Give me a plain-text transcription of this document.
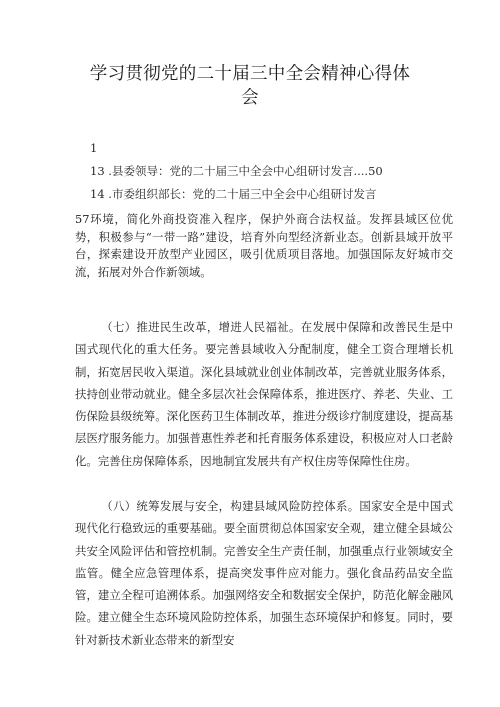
学习贯彻党的二十届三中全会精神心得体
会
1
13 .县委领导：党的二十届三中全会中心组研讨发言....50
14 .市委组织部长：党的二十届三中全会中心组研讨发言

57环境，简化外商投资准入程序，保护外商合法权益。发挥县域区位优势，积极参与“一带一路”建设，培育外向型经济新业态。创新县域开放平台，探索建设开放型产业园区，吸引优质项目落地。加强国际友好城市交流，拓展对外合作新领域。

（七）推进民生改革，增进人民福祉。在发展中保障和改善民生是中国式现代化的重大任务。要完善县域收入分配制度，健全工资合理增长机制，拓宽居民收入渠道。深化县域就业创业体制改革，完善就业服务体系，扶持创业带动就业。健全多层次社会保障体系，推进医疗、养老、失业、工伤保险县级统筹。深化医药卫生体制改革，推进分级诊疗制度建设，提高基层医疗服务能力。加强普惠性养老和托育服务体系建设，积极应对人口老龄化。完善住房保障体系，因地制宜发展共有产权住房等保障性住房。

（八）统筹发展与安全，构建县域风险防控体系。国家安全是中国式现代化行稳致远的重要基础。要全面贯彻总体国家安全观，建立健全县域公共安全风险评估和管控机制。完善安全生产责任制，加强重点行业领域安全监管。健全应急管理体系，提高突发事件应对能力。强化食品药品安全监管，建立全程可追溯体系。加强网络安全和数据安全保护，防范化解金融风险。建立健全生态环境风险防控体系，加强生态环境保护和修复。同时，要针对新技术新业态带来的新型安
